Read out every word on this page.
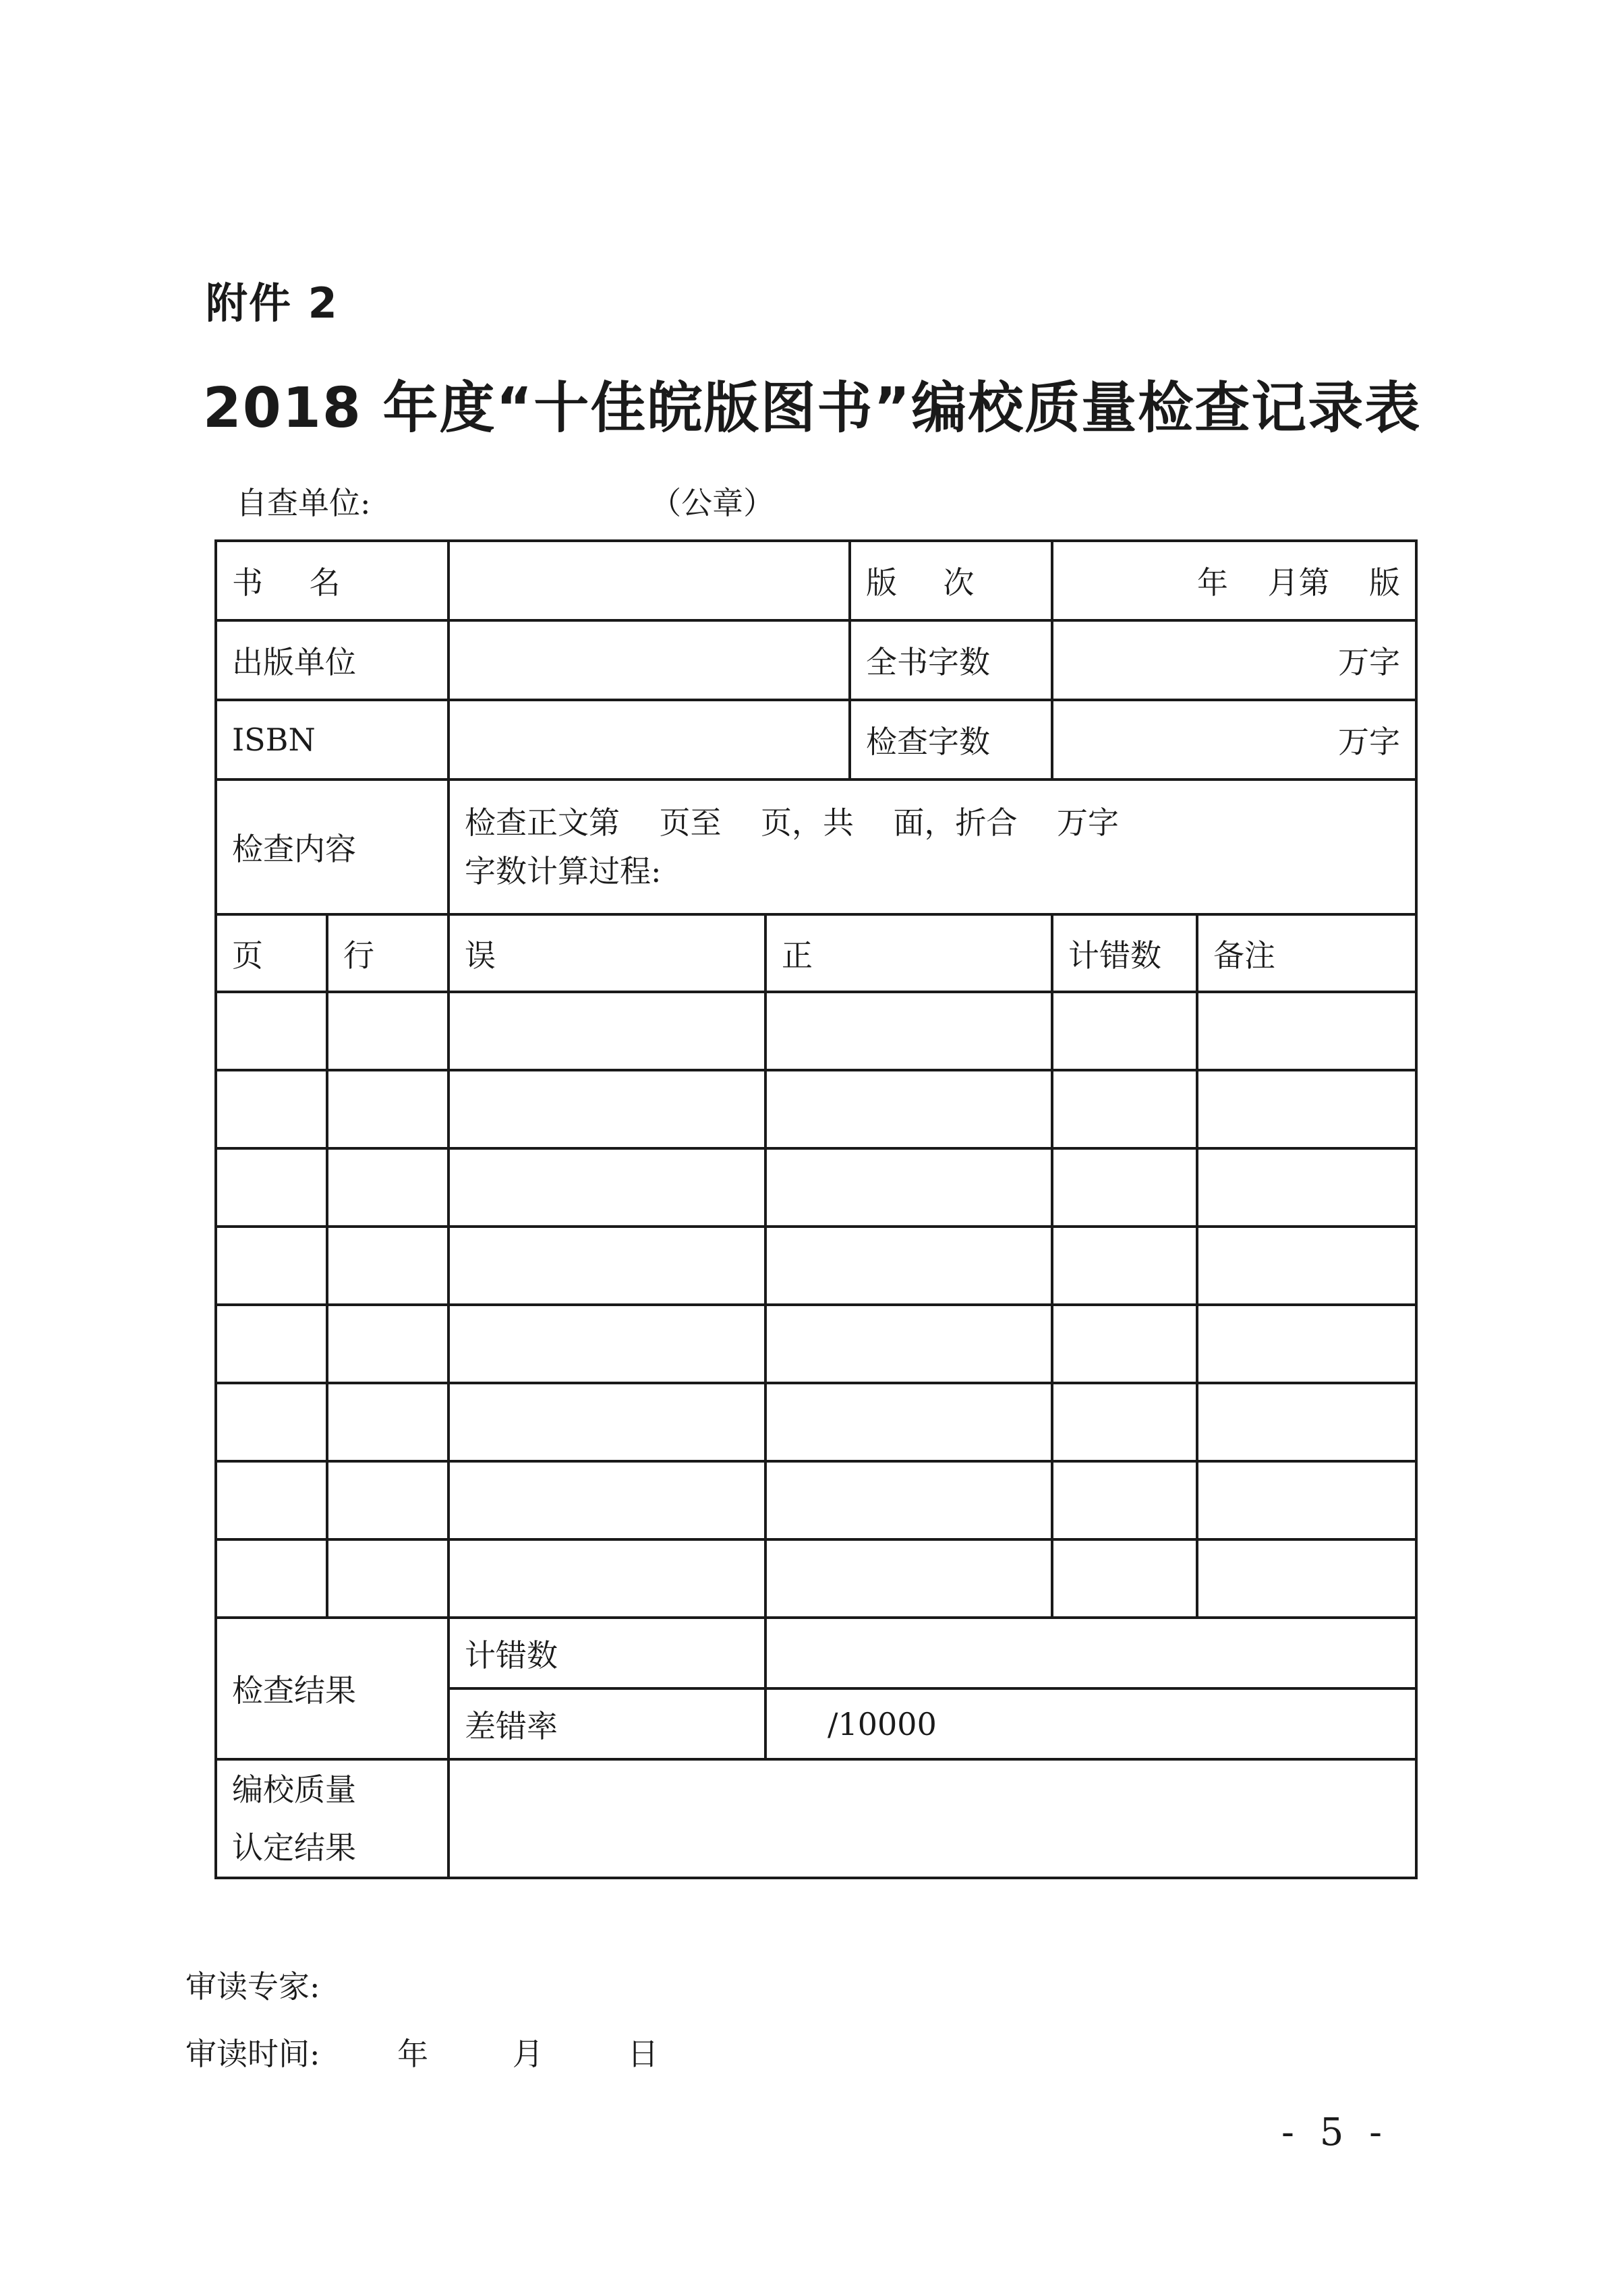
附件 2
2018 年度“十佳皖版图书”编校质量检查记录表
自查单位:	（公章）
书    名				版    次	年    月第    版	
出版单位				全书字数	万字	
ISBN				检查字数	万字	
检查内容		检查正文第    页至    页，共    面，折合    万字
字数计算过程:				

页	行	误	正		计错数	备注

检查结果		计错数				
		差错率	/10000			

编校质量
认定结果						

审读专家:
审读时间: 年	月	日
- 5 -
